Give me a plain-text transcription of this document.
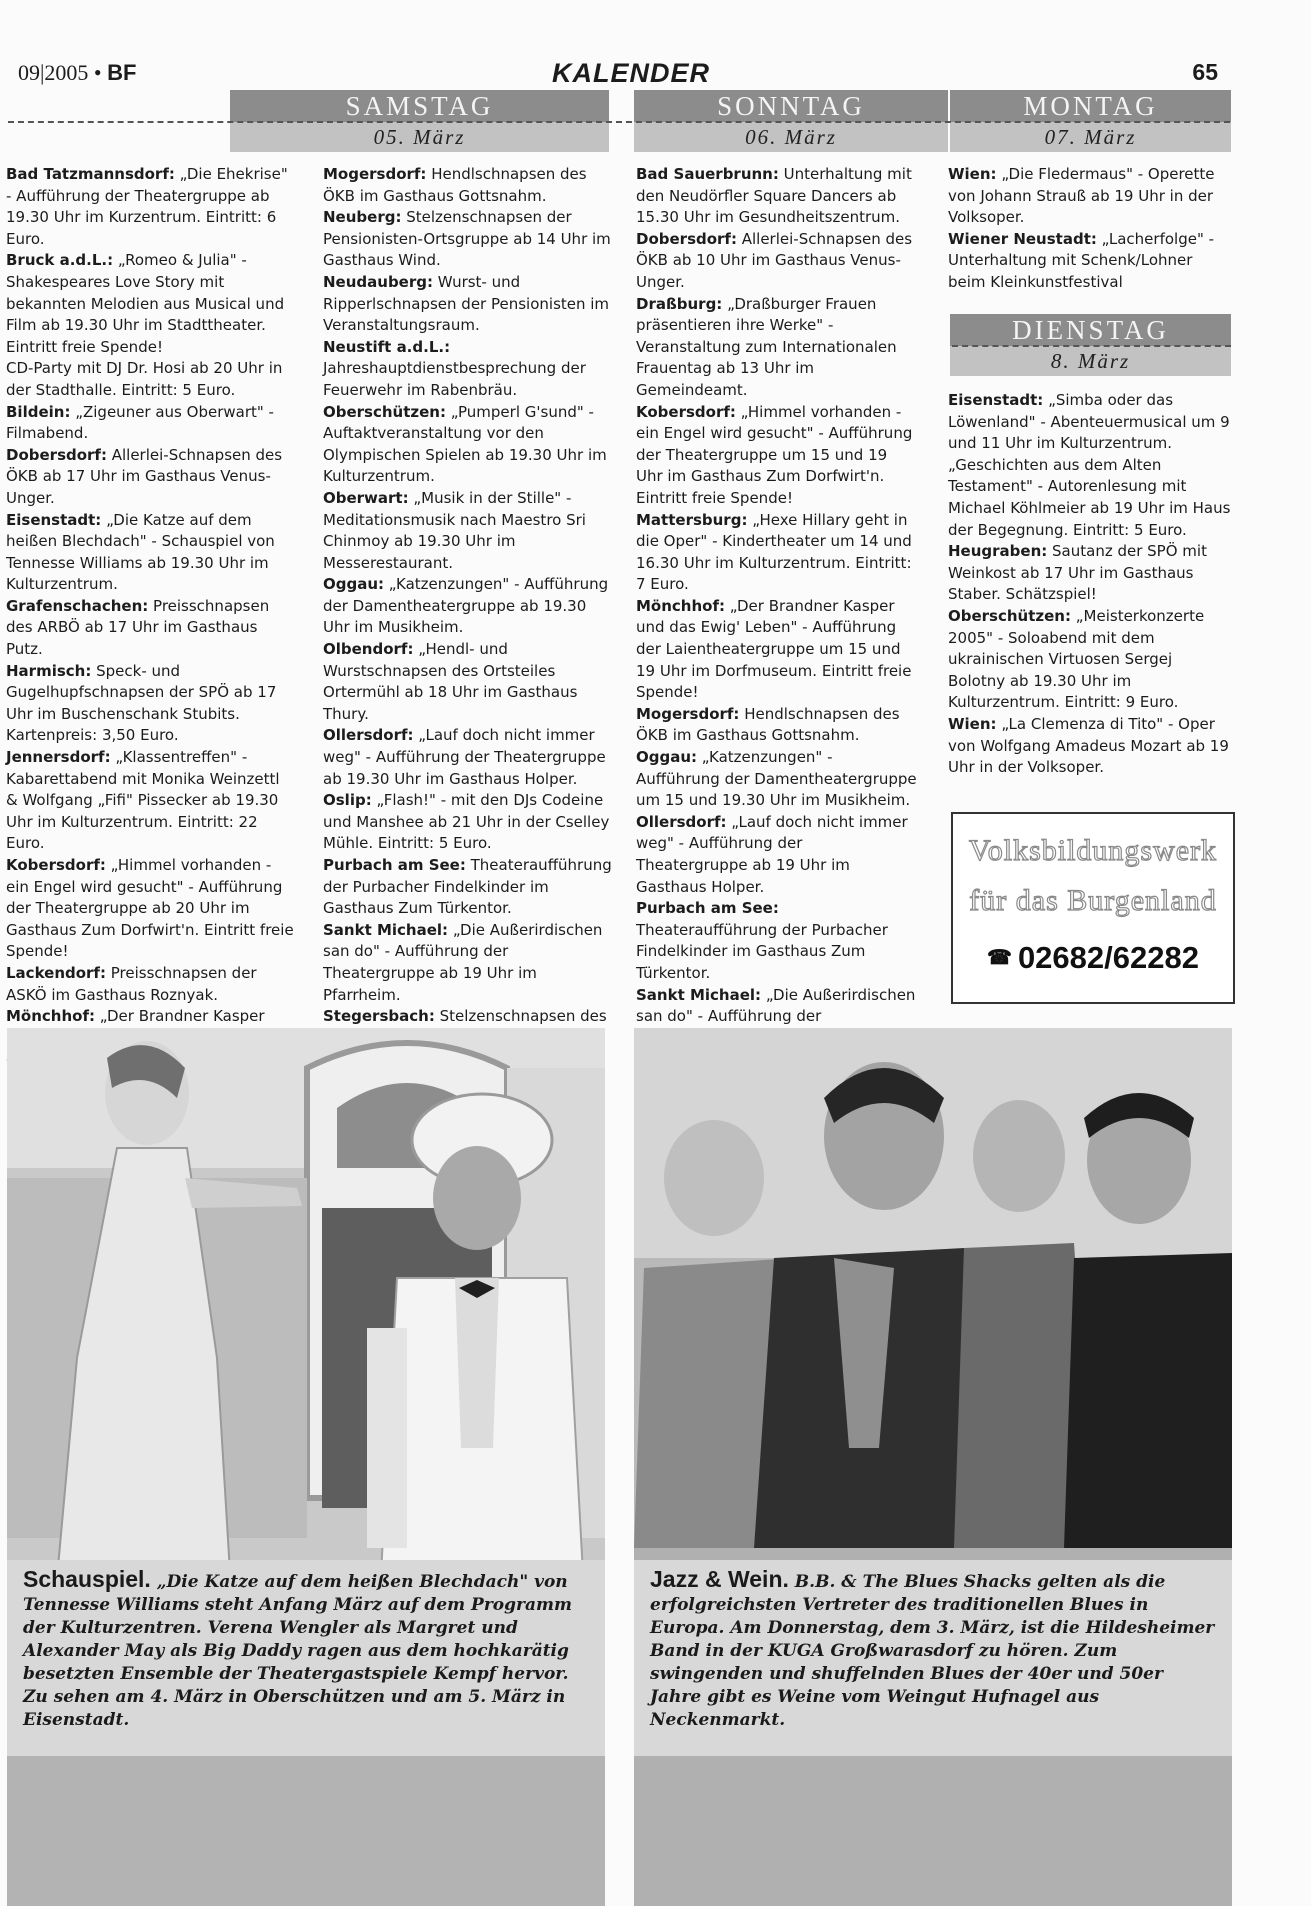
09|2005 • BF	KALENDER	65
SAMSTAG
05. März
SONNTAG
06. März
MONTAG
07. März
DIENSTAG
8. März

Bad Tatzmannsdorf: „Die Ehekrise" - Aufführung der Theatergruppe ab 19.30 Uhr im Kurzentrum. Eintritt: 6 Euro.

Bruck a.d.L.: „Romeo & Julia" - Shakespeares Love Story mit bekannten Melodien aus Musical und Film ab 19.30 Uhr im Stadttheater. Eintritt freie Spende!

CD-Party mit DJ Dr. Hosi ab 20 Uhr in der Stadthalle. Eintritt: 5 Euro.

Bildein: „Zigeuner aus Oberwart" - Filmabend.

Dobersdorf: Allerlei-Schnapsen des ÖKB ab 17 Uhr im Gasthaus Venus-Unger.

Eisenstadt: „Die Katze auf dem heißen Blechdach" - Schauspiel von Tennesse Williams ab 19.30 Uhr im Kulturzentrum.

Grafenschachen: Preisschnapsen des ARBÖ ab 17 Uhr im Gasthaus Putz.

Harmisch: Speck- und Gugelhupfschnapsen der SPÖ ab 17 Uhr im Buschenschank Stubits. Kartenpreis: 3,50 Euro.

Jennersdorf: „Klassentreffen" - Kabarettabend mit Monika Weinzettl & Wolfgang „Fifi" Pissecker ab 19.30 Uhr im Kulturzentrum. Eintritt: 22 Euro.

Kobersdorf: „Himmel vorhanden - ein Engel wird gesucht" - Aufführung der Theatergruppe ab 20 Uhr im Gasthaus Zum Dorfwirt'n. Eintritt freie Spende!

Lackendorf: Preisschnapsen der ASKÖ im Gasthaus Roznyak.

Mönchhof: „Der Brandner Kasper

Mogersdorf: Hendlschnapsen des ÖKB im Gasthaus Gottsnahm.

Neuberg: Stelzenschnapsen der Pensionisten-Ortsgruppe ab 14 Uhr im Gasthaus Wind.

Neudauberg: Wurst- und Ripperlschnapsen der Pensionisten im Veranstaltungsraum.

Neustift a.d.L.: Jahreshauptdienstbesprechung der Feuerwehr im Rabenbräu.

Oberschützen: „Pumperl G'sund" - Auftaktveranstaltung vor den Olympischen Spielen ab 19.30 Uhr im Kulturzentrum.

Oberwart: „Musik in der Stille" - Meditationsmusik nach Maestro Sri Chinmoy ab 19.30 Uhr im Messerestaurant.

Oggau: „Katzenzungen" - Aufführung der Damentheatergruppe ab 19.30 Uhr im Musikheim.

Olbendorf: „Hendl- und Wurstschnapsen des Ortsteiles Ortermühl ab 18 Uhr im Gasthaus Thury.

Ollersdorf: „Lauf doch nicht immer weg" - Aufführung der Theatergruppe ab 19.30 Uhr im Gasthaus Holper.

Oslip: „Flash!" - mit den DJs Codeine und Manshee ab 21 Uhr in der Cselley Mühle. Eintritt: 5 Euro.

Purbach am See: Theateraufführung der Purbacher Findelkinder im Gasthaus Zum Türkentor.

Sankt Michael: „Die Außerirdischen san do" - Aufführung der Theatergruppe ab 19 Uhr im Pfarrheim.

Stegersbach: Stelzenschnapsen des

Bad Sauerbrunn: Unterhaltung mit den Neudörfler Square Dancers ab 15.30 Uhr im Gesundheitszentrum.

Dobersdorf: Allerlei-Schnapsen des ÖKB ab 10 Uhr im Gasthaus Venus-Unger.

Draßburg: „Draßburger Frauen präsentieren ihre Werke" - Veranstaltung zum Internationalen Frauentag ab 13 Uhr im Gemeindeamt.

Kobersdorf: „Himmel vorhanden - ein Engel wird gesucht" - Aufführung der Theatergruppe um 15 und 19 Uhr im Gasthaus Zum Dorfwirt'n. Eintritt freie Spende!

Mattersburg: „Hexe Hillary geht in die Oper" - Kindertheater um 14 und 16.30 Uhr im Kulturzentrum. Eintritt: 7 Euro.

Mönchhof: „Der Brandner Kasper und das Ewig' Leben" - Aufführung der Laientheatergruppe um 15 und 19 Uhr im Dorfmuseum. Eintritt freie Spende!

Mogersdorf: Hendlschnapsen des ÖKB im Gasthaus Gottsnahm.

Oggau: „Katzenzungen" - Aufführung der Damentheatergruppe um 15 und 19.30 Uhr im Musikheim.

Ollersdorf: „Lauf doch nicht immer weg" - Aufführung der Theatergruppe ab 19 Uhr im Gasthaus Holper.

Purbach am See: Theateraufführung der Purbacher Findelkinder im Gasthaus Zum Türkentor.

Sankt Michael: „Die Außerirdischen san do" - Aufführung der

Wien: „Die Fledermaus" - Operette von Johann Strauß ab 19 Uhr in der Volksoper.

Wiener Neustadt: „Lacherfolge" - Unterhaltung mit Schenk/Lohner beim Kleinkunstfestival

Eisenstadt: „Simba oder das Löwenland" - Abenteuermusical um 9 und 11 Uhr im Kulturzentrum.

„Geschichten aus dem Alten Testament" - Autorenlesung mit Michael Köhlmeier ab 19 Uhr im Haus der Begegnung. Eintritt: 5 Euro.

Heugraben: Sautanz der SPÖ mit Weinkost ab 17 Uhr im Gasthaus Staber. Schätzspiel!

Oberschützen: „Meisterkonzerte 2005" - Soloabend mit dem ukrainischen Virtuosen Sergej Bolotny ab 19.30 Uhr im Kulturzentrum. Eintritt: 9 Euro.

Wien: „La Clemenza di Tito" - Oper von Wolfgang Amadeus Mozart ab 19 Uhr in der Volksoper.

Volksbildungswerk
für das Burgenland
☎ 02682/62282
Schauspiel. „Die Katze auf dem heißen Blechdach" von Tennesse Williams steht Anfang März auf dem Programm der Kulturzentren. Verena Wengler als Margret und Alexander May als Big Daddy ragen aus dem hochkarätig besetzten Ensemble der Theatergastspiele Kempf hervor. Zu sehen am 4. März in Oberschützen und am 5. März in Eisenstadt.
Jazz & Wein. B.B. & The Blues Shacks gelten als die erfolgreichsten Vertreter des traditionellen Blues in Europa. Am Donnerstag, dem 3. März, ist die Hildesheimer Band in der KUGA Großwarasdorf zu hören. Zum swingenden und shuffelnden Blues der 40er und 50er Jahre gibt es Weine vom Weingut Hufnagel aus Neckenmarkt.
